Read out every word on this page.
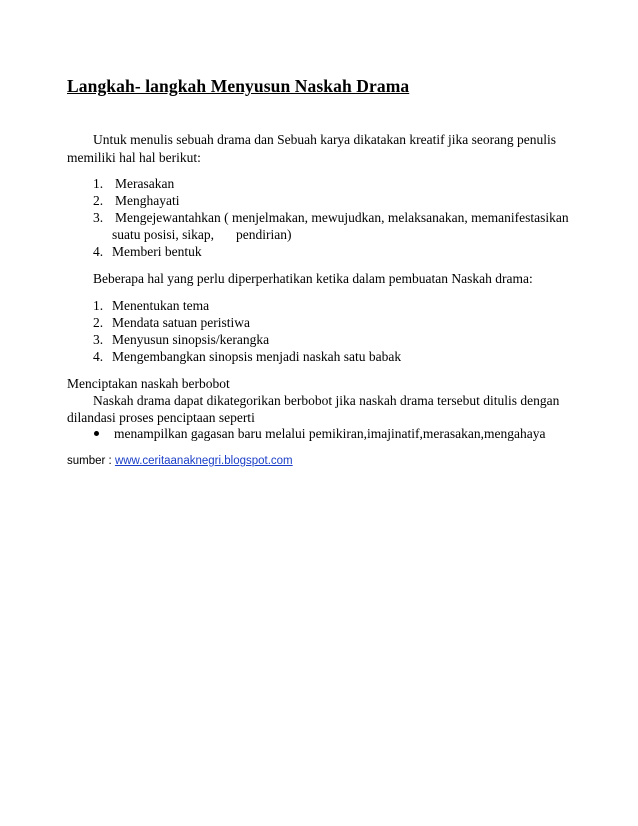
Langkah- langkah Menyusun Naskah Drama
Untuk menulis sebuah drama dan Sebuah karya dikatakan kreatif jika seorang penulis
memiliki hal hal berikut:
1. Merasakan
2. Menghayati
3. Mengejewantahkan ( menjelmakan, mewujudkan, melaksanakan, memanifestasikan
suatu posisi, sikap, pendirian)
4. Memberi bentuk
Beberapa hal yang perlu diperperhatikan ketika dalam pembuatan Naskah drama:
1. Menentukan tema
2. Mendata satuan peristiwa
3. Menyusun sinopsis/kerangka
4. Mengembangkan sinopsis menjadi naskah satu babak
Menciptakan naskah berbobot
Naskah drama dapat dikategorikan berbobot jika naskah drama tersebut ditulis dengan
dilandasi proses penciptaan seperti
menampilkan gagasan baru melalui pemikiran,imajinatif,merasakan,mengahaya
sumber : www.ceritaanaknegri.blogspot.com
